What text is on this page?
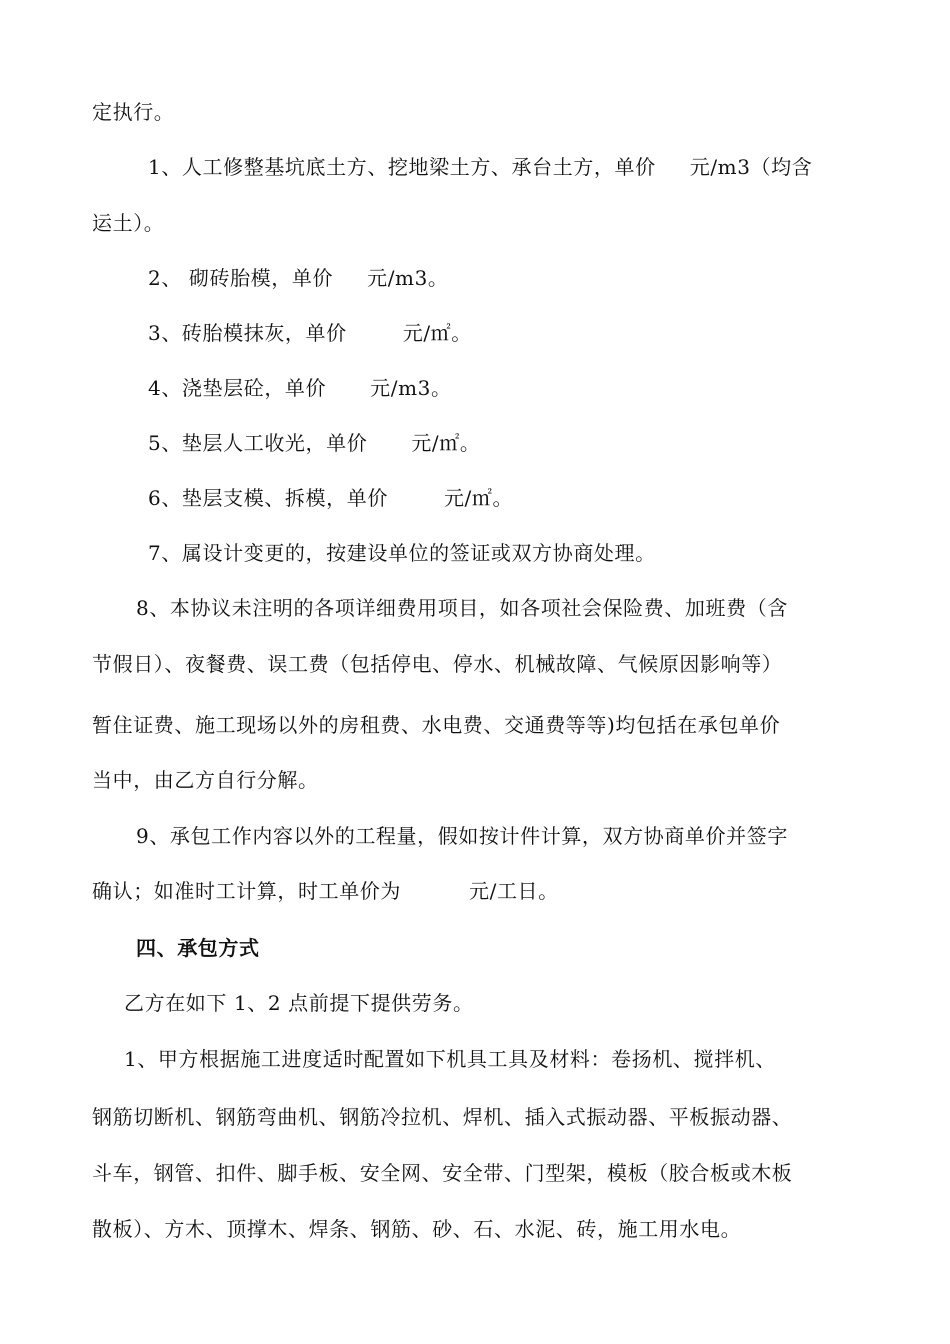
定执行。
1、人工修整基坑底土方、挖地梁土方、承台土方，单价 元/m3（均含
运土）。
2、 砌砖胎模，单价 元/m3。
3、砖胎模抹灰，单价	元/㎡。
4、浇垫层砼，单价 元/m3。
5、垫层人工收光，单价 元/㎡。
6、垫层支模、拆模，单价	元/㎡。
7、属设计变更的，按建设单位的签证或双方协商处理。
8、本协议未注明的各项详细费用项目，如各项社会保险费、加班费（含
节假日）、夜餐费、误工费（包括停电、停水、机械故障、气候原因影响等）
暂住证费、施工现场以外的房租费、水电费、交通费等等)均包括在承包单价
当中，由乙方自行分解。
9、承包工作内容以外的工程量，假如按计件计算，双方协商单价并签字
确认；如准时工计算，时工单价为	元/工日。
四、承包方式
乙方在如下 1、2 点前提下提供劳务。
1、甲方根据施工进度适时配置如下机具工具及材料：卷扬机、搅拌机、
钢筋切断机、钢筋弯曲机、钢筋冷拉机、焊机、插入式振动器、平板振动器、
斗车，钢管、扣件、脚手板、安全网、安全带、门型架，模板（胶合板或木板
散板）、方木、顶撑木、焊条、钢筋、砂、石、水泥、砖，施工用水电。
